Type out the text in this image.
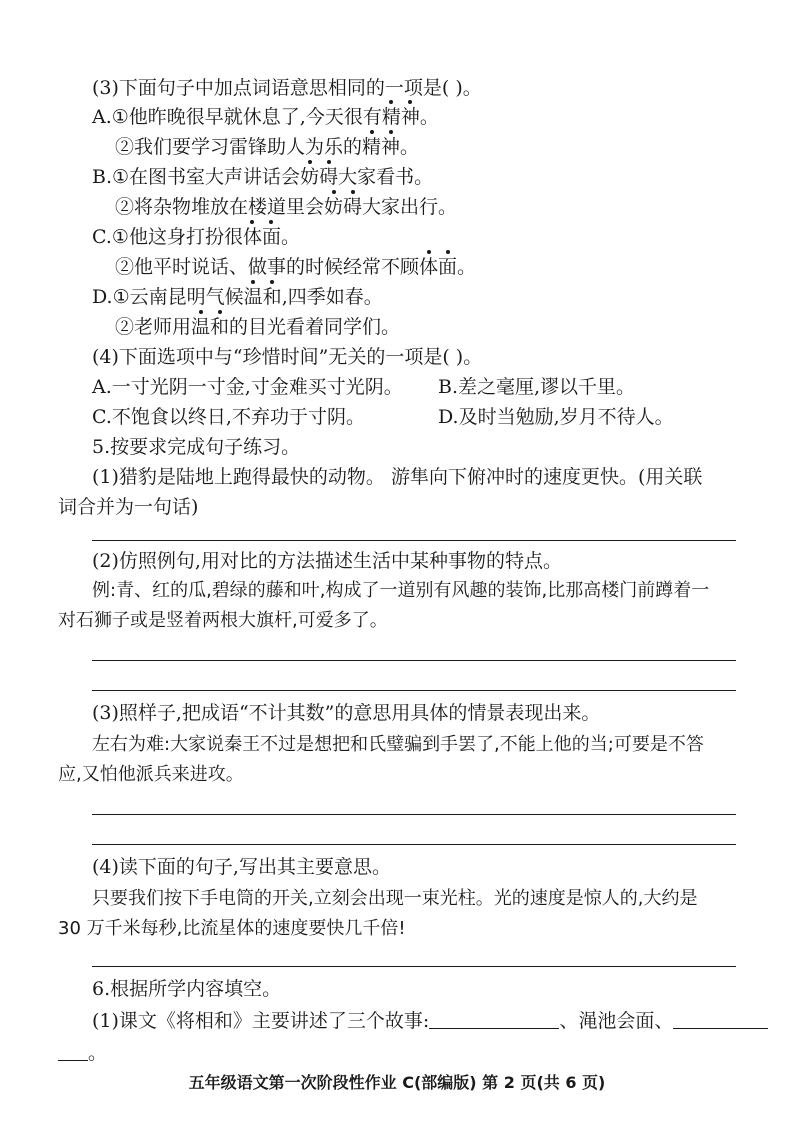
(3)下面句子中加点词语意思相同的一项是( )。
A.①他昨晚很早就休息了,今天很有精神。
②我们要学习雷锋助人为乐的精神。
B.①在图书室大声讲话会妨碍大家看书。
②将杂物堆放在楼道里会妨碍大家出行。
C.①他这身打扮很体面。
②他平时说话、做事的时候经常不顾体面。
D.①云南昆明气候温和,四季如春。
②老师用温和的目光看着同学们。
(4)下面选项中与“珍惜时间”无关的一项是( )。
A.一寸光阴一寸金,寸金难买寸光阴。 B.差之毫厘,谬以千里。
C.不饱食以终日,不弃功于寸阴。	D.及时当勉励,岁月不待人。
5.按要求完成句子练习。
(1)猎豹是陆地上跑得最快的动物。 游隼向下俯冲时的速度更快。(用关联
词合并为一句话)
(2)仿照例句,用对比的方法描述生活中某种事物的特点。
例:青、红的瓜,碧绿的藤和叶,构成了一道别有风趣的装饰,比那高楼门前蹲着一
对石狮子或是竖着两根大旗杆,可爱多了。
(3)照样子,把成语“不计其数”的意思用具体的情景表现出来。
左右为难:大家说秦王不过是想把和氏璧骗到手罢了,不能上他的当;可要是不答
应,又怕他派兵来进攻。
(4)读下面的句子,写出其主要意思。
只要我们按下手电筒的开关,立刻会出现一束光柱。光的速度是惊人的,大约是
30 万千米每秒,比流星体的速度要快几千倍!
6.根据所学内容填空。
(1)课文《将相和》主要讲述了三个故事:	、渑池会面、
。
五年级语文第一次阶段性作业 C(部编版) 第 2 页(共 6 页)
